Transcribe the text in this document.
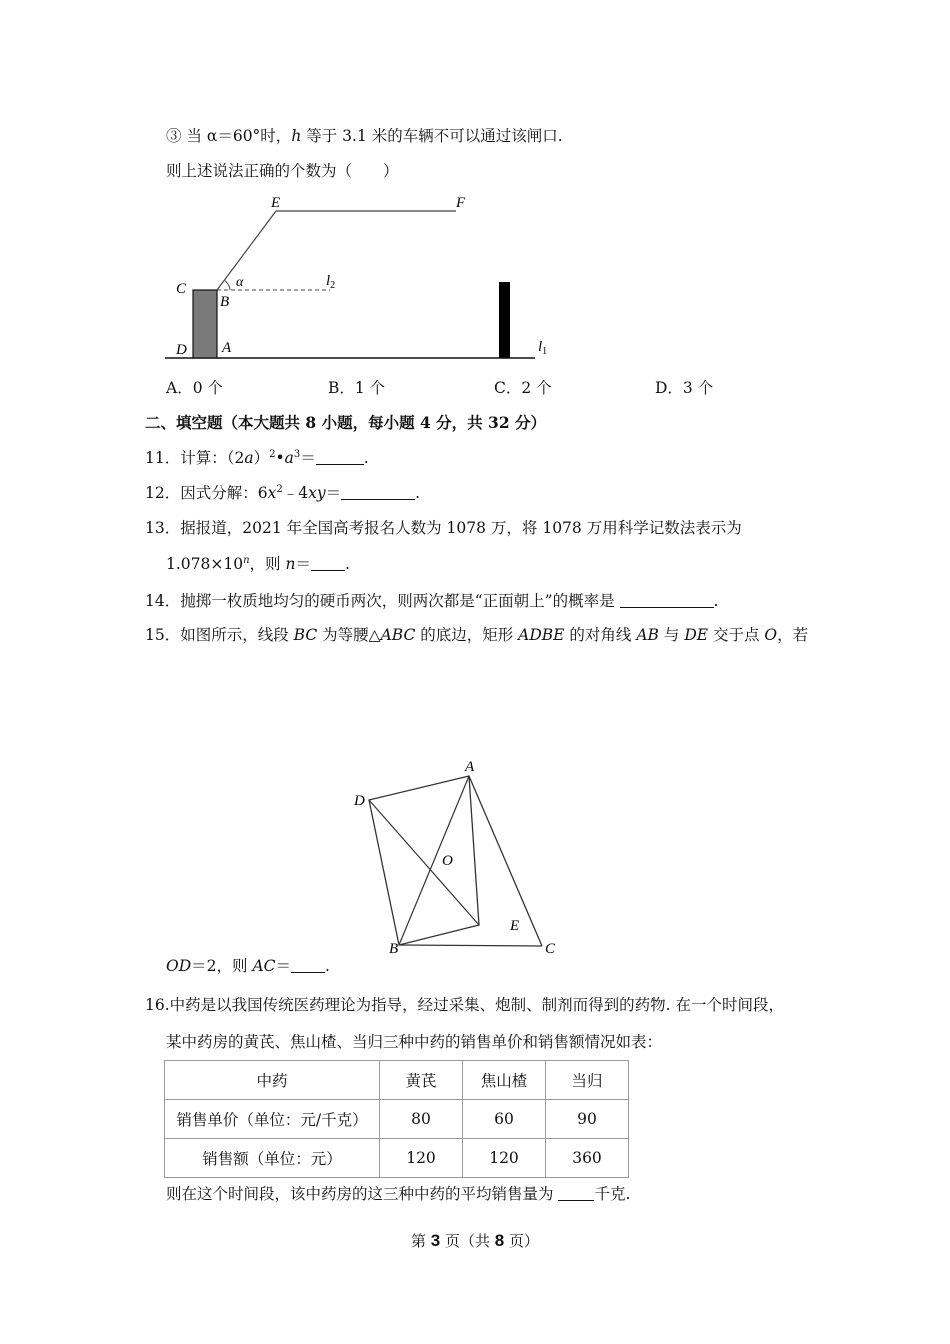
③ 当 α＝60°时，h 等于 3.1 米的车辆不可以通过该闸口.
则上述说法正确的个数为（　　）
E	F
α	$l_2$
C
B
D A	$l_1$
A．0 个	B．1 个	C．2 个	D．3 个
二、填空题（本大题共 8 小题，每小题 4 分，共 32 分）
11．计算：$(2a)^2•a^3=$	.
12．因式分解：$6x^2﹣4xy=$	.
13．据报道，2021 年全国高考报名人数为 1078 万，将 1078 万用科学记数法表示为
$1.078\times 10^n$，则 n＝ .
14．抛掷一枚质地均匀的硬币两次，则两次都是“正面朝上”的概率是	.
15．如图所示，线段 BC 为等腰△ABC 的底边，矩形 ADBE 的对角线 AB 与 DE 交于点 O，若
A
D
O
E
B	C
OD＝2，则 AC＝ .
16.中药是以我国传统医药理论为指导，经过采集、炮制、制剂而得到的药物. 在一个时间段，
某中药房的黄芪、焦山楂、当归三种中药的销售单价和销售额情况如表：
中药	黄芪	焦山楂	当归
销售单价（单位：元/千克）	80	60	90
销售额（单位：元）	120	120	360
则在这个时间段，该中药房的这三种中药的平均销售量为 千克.
第 3 页（共 8 页）
